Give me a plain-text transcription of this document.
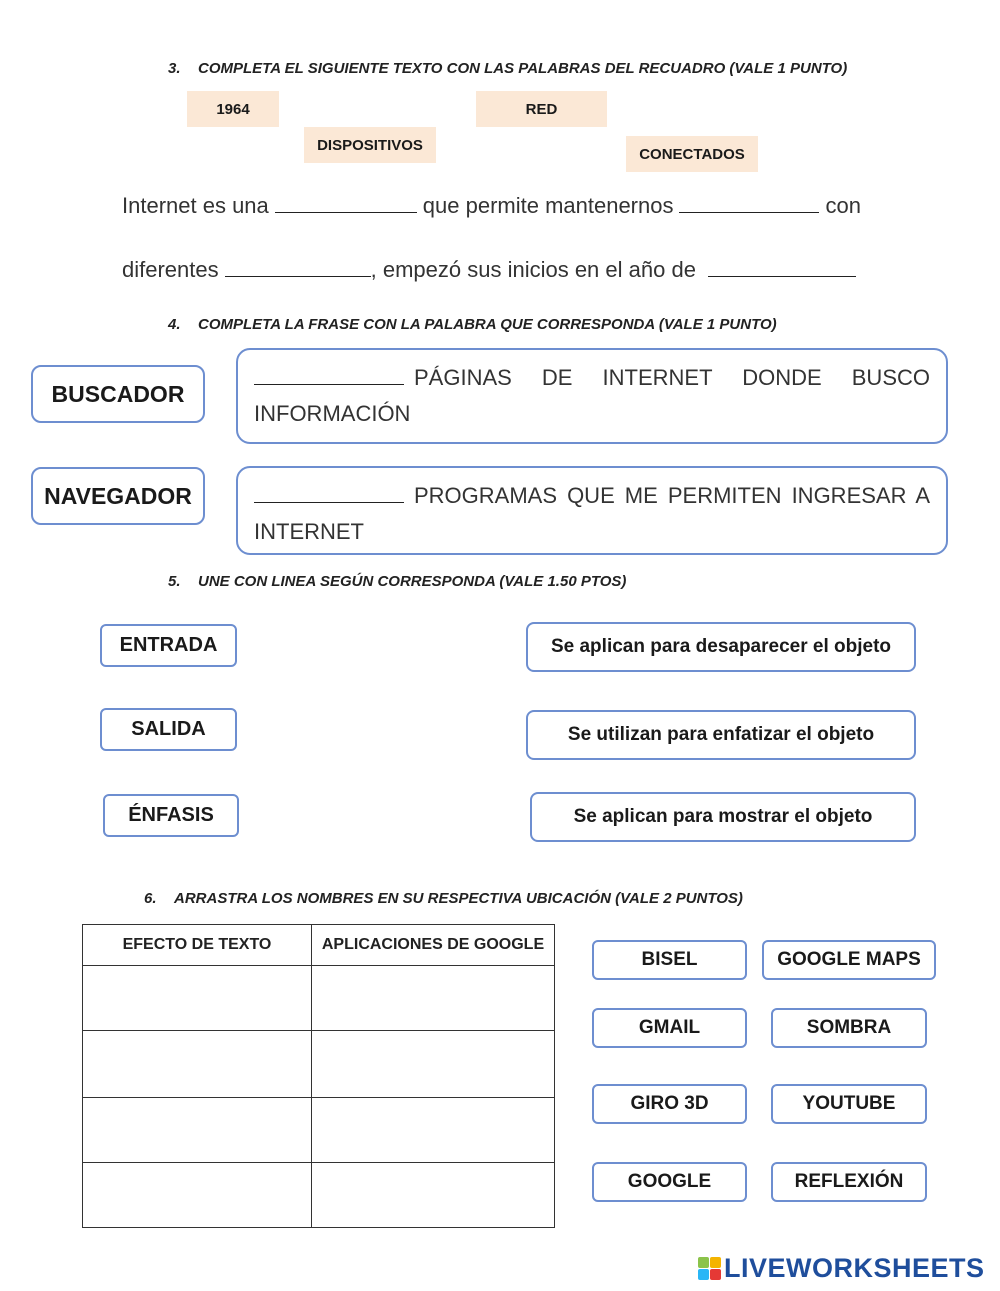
3. COMPLETA EL SIGUIENTE TEXTO CON LAS PALABRAS DEL RECUADRO (VALE 1 PUNTO)
1964	RED
DISPOSITIVOS
CONECTADOS
Internet es una	que permite mantenernos	con
diferentes	, empezó sus inicios en el año de
4. COMPLETA LA FRASE CON LA PALABRA QUE CORRESPONDA (VALE 1 PUNTO)
BUSCADOR
NAVEGADOR
PÁGINAS DE INTERNET DONDE BUSCO INFORMACIÓN
PROGRAMAS QUE ME PERMITEN INGRESAR A INTERNET
5. UNE CON LINEA SEGÚN CORRESPONDA (VALE 1.50 PTOS)
ENTRADA
SALIDA
ÉNFASIS
Se aplican para desaparecer el objeto
Se utilizan para enfatizar el objeto
Se aplican para mostrar el objeto
6. ARRASTRA LOS NOMBRES EN SU RESPECTIVA UBICACIÓN (VALE 2 PUNTOS)
EFECTO DE TEXTO	APLICACIONES DE GOOGLE

BISEL	GOOGLE MAPS
GMAIL	SOMBRA
GIRO 3D	YOUTUBE
GOOGLE	REFLEXIÓN
LIVEWORKSHEETS
